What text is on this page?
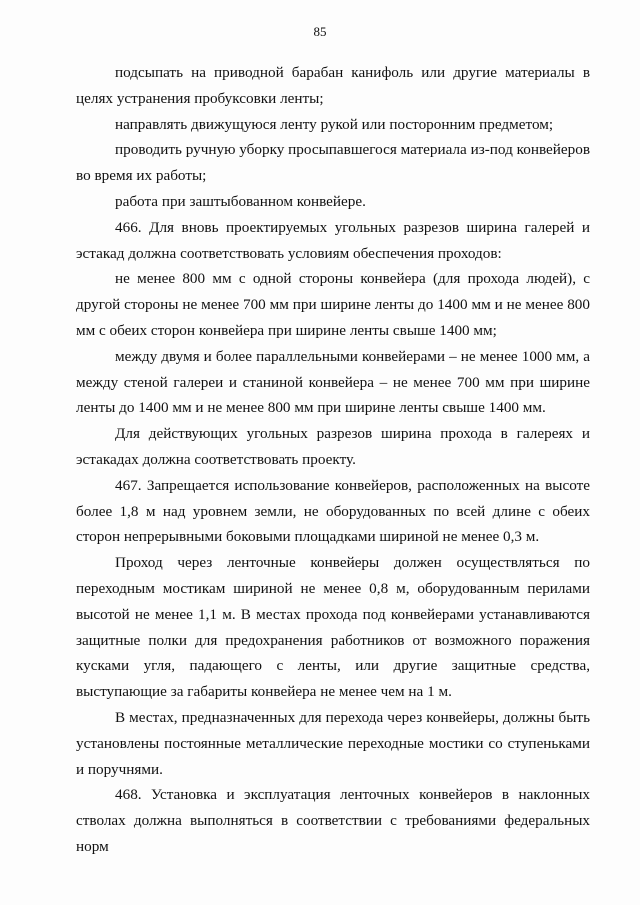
85

подсыпать на приводной барабан канифоль или другие материалы в целях устранения пробуксовки ленты;

направлять движущуюся ленту рукой или посторонним предметом;

проводить ручную уборку просыпавшегося материала из-под конвейеров во время их работы;

работа при заштыбованном конвейере.

466. Для вновь проектируемых угольных разрезов ширина галерей и эстакад должна соответствовать условиям обеспечения проходов:

не менее 800 мм с одной стороны конвейера (для прохода людей), с другой стороны не менее 700 мм при ширине ленты до 1400 мм и не менее 800 мм с обеих сторон конвейера при ширине ленты свыше 1400 мм;

между двумя и более параллельными конвейерами – не менее 1000 мм, а между стеной галереи и станиной конвейера – не менее 700 мм при ширине ленты до 1400 мм и не менее 800 мм при ширине ленты свыше 1400 мм.

Для действующих угольных разрезов ширина прохода в галереях и эстакадах должна соответствовать проекту.

467. Запрещается использование конвейеров, расположенных на высоте более 1,8 м над уровнем земли, не оборудованных по всей длине с обеих сторон непрерывными боковыми площадками шириной не менее 0,3 м.

Проход через ленточные конвейеры должен осуществляться по переходным мостикам шириной не менее 0,8 м, оборудованным перилами высотой не менее 1,1 м. В местах прохода под конвейерами устанавливаются защитные полки для предохранения работников от возможного поражения кусками угля, падающего с ленты, или другие защитные средства, выступающие за габариты конвейера не менее чем на 1 м.

В местах, предназначенных для перехода через конвейеры, должны быть установлены постоянные металлические переходные мостики со ступеньками и поручнями.

468. Установка и эксплуатация ленточных конвейеров в наклонных стволах должна выполняться в соответствии с требованиями федеральных норм
